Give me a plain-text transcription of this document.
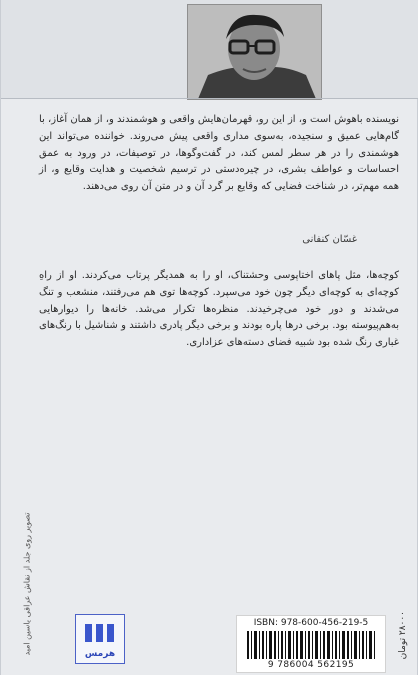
نویسنده باهوش است و، از این رو، قهرمان‌هایش واقعی و هوشمندند و، از همان آغاز، با گام‌هایی عمیق و سنجیده، به‌سوی مداری واقعی پیش می‌روند. خواننده می‌تواند این هوشمندی را در هر سطر لمس کند، در گفت‌وگوها، در توصیفات، در ورود به عمق احساسات و عواطف بشری، در چیره‌دستی در ترسیم شخصیت و هدایت وقایع و، از همه مهم‌تر، در شناخت فضایی که وقایع بر گرد آن و در متن آن روی می‌دهند.
غسّان کنفانی
کوچه‌ها، مثل پاهای اختاپوسی وحشتناک، او را به همدیگر پرتاب می‌کردند. او از راهِ کوچه‌ای به کوچه‌ای دیگر چون خود می‌سپرد. کوچه‌ها توی هم می‌رفتند، منشعب و تنگ می‌شدند و دور خود می‌چرخیدند. منظره‌ها تکرار می‌شد. خانه‌ها را دیوارهایی به‌هم‌پیوسته بود. برخی درها پاره بودند و برخی دیگر پادری داشتند و شناشیل با رنگ‌های غباری رنگ شده بود شبیه فضای دسته‌های عزاداری.
تصویر روی جلد از نقاش عراقی یاسین امید	هرمس
ISBN: 978-600-456-219-5
9 786004 562195
۲۸۰۰۰ تومان
